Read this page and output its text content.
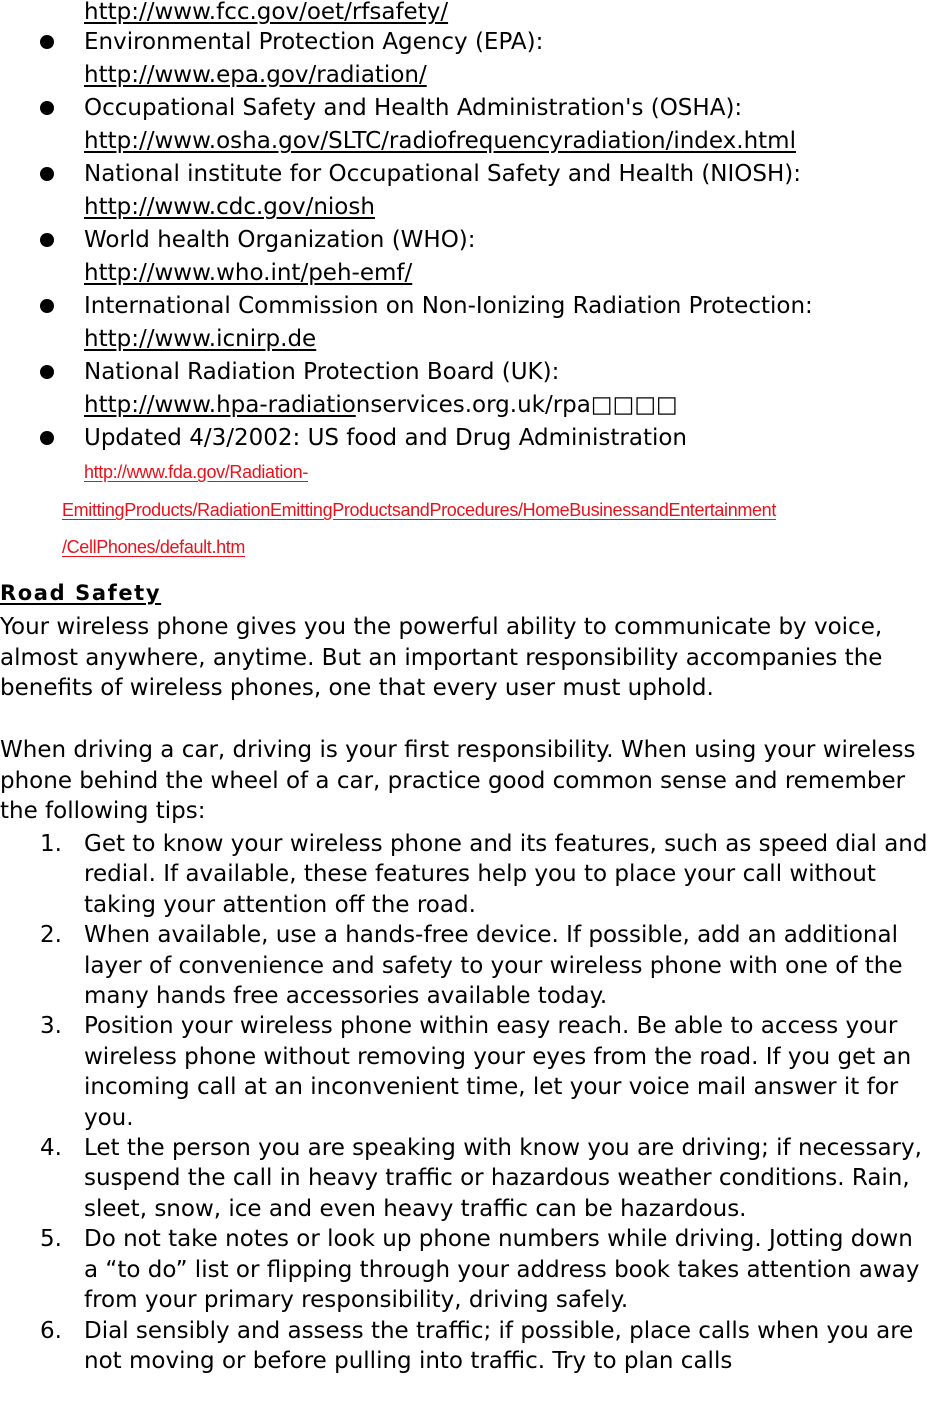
http://www.fcc.gov/oet/rfsafety/
Environmental Protection Agency (EPA):
http://www.epa.gov/radiation/
Occupational Safety and Health Administration's (OSHA):
http://www.osha.gov/SLTC/radiofrequencyradiation/index.html
National institute for Occupational Safety and Health (NIOSH):
http://www.cdc.gov/niosh
World health Organization (WHO):
http://www.who.int/peh-emf/
International Commission on Non-Ionizing Radiation Protection:
http://www.icnirp.de
National Radiation Protection Board (UK):
http://www.hpa-radiationservices.org.uk/rpa□□□□
Updated 4/3/2002: US food and Drug Administration
http://www.fda.gov/Radiation-
EmittingProducts/RadiationEmittingProductsandProcedures/HomeBusinessandEntertainment
/CellPhones/default.htm
Road Safety

Your wireless phone gives you the powerful ability to communicate by voice, almost anywhere, anytime. But an important responsibility accompanies the benefits of wireless phones, one that every user must uphold.

When driving a car, driving is your first responsibility. When using your wireless phone behind the wheel of a car, practice good common sense and remember the following tips:

1. Get to know your wireless phone and its features, such as speed dial and redial. If available, these features help you to place your call without taking your attention off the road.
2. When available, use a hands-free device. If possible, add an additional layer of convenience and safety to your wireless phone with one of the many hands free accessories available today.
3. Position your wireless phone within easy reach. Be able to access your wireless phone without removing your eyes from the road. If you get an incoming call at an inconvenient time, let your voice mail answer it for you.
4. Let the person you are speaking with know you are driving; if necessary, suspend the call in heavy traffic or hazardous weather conditions. Rain, sleet, snow, ice and even heavy traffic can be hazardous.
5. Do not take notes or look up phone numbers while driving. Jotting down a “to do” list or flipping through your address book takes attention away from your primary responsibility, driving safely.
6. Dial sensibly and assess the traffic; if possible, place calls when you are not moving or before pulling into traffic. Try to plan calls
